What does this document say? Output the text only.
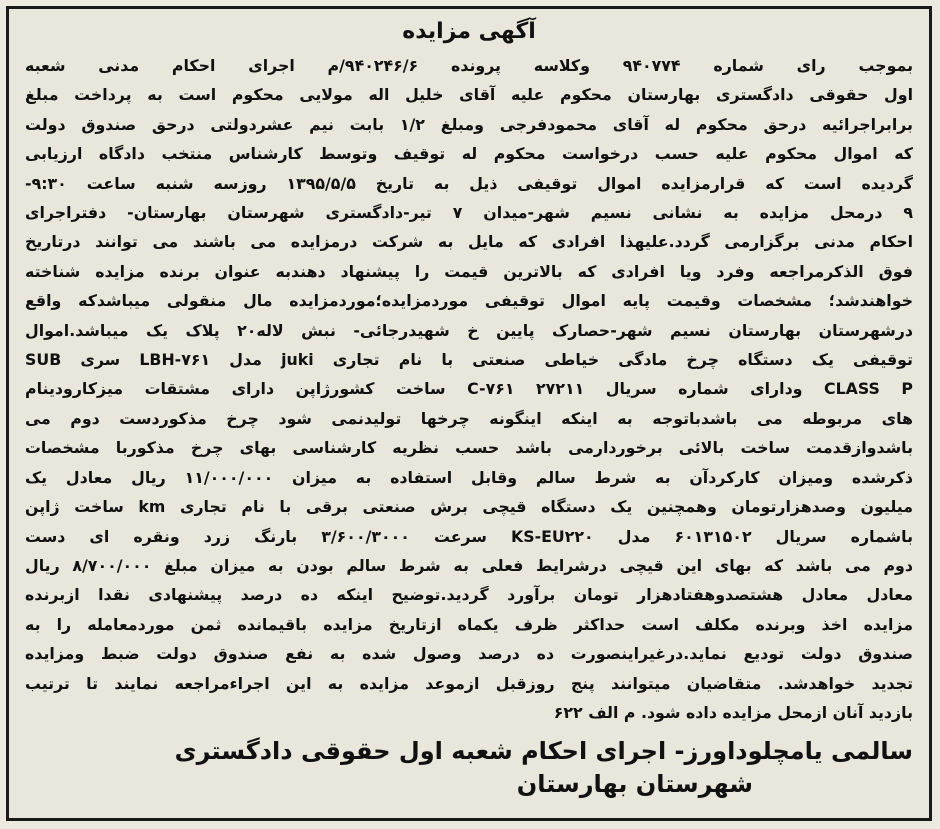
آگهی مزایده
بموجب رای شماره ۹۴۰۷۷۴ وکلاسه پرونده ۹۴۰۲۴۶/۶/م اجرای احکام مدنی شعبه
اول حقوقی دادگستری بهارستان محکوم علیه آقای خلیل اله مولایی محکوم است به پرداخت مبلغ
برابراجرائیه درحق محکوم له آقای محمودفرجی ومبلغ ۱/۲ بابت نیم عشردولتی درحق صندوق دولت
که اموال محکوم علیه حسب درخواست محکوم له توقیف وتوسط کارشناس منتخب دادگاه ارزیابی
گردیده است که قرارمزایده اموال توقیفی ذیل به تاریخ ۱۳۹۵/۵/۵ روزسه شنبه ساعت ۹:۳۰-
۹ درمحل مزایده به نشانی نسیم شهر-میدان ۷ تیر-دادگستری شهرستان بهارستان- دفتراجرای
احکام مدنی برگزارمی گردد.علیهذا افرادی که مایل به شرکت درمزایده می باشند می توانند درتاریخ
فوق الذکرمراجعه وفرد ویا افرادی که بالاترین قیمت را پیشنهاد دهندبه عنوان برنده مزایده شناخته
خواهندشد؛ مشخصات وقیمت پایه اموال توقیفی موردمزایده؛موردمزایده مال منقولی میباشدکه واقع
درشهرستان بهارستان نسیم شهر-حصارک پایین خ شهیدرجائی- نبش لاله۲۰ پلاک یک میباشد.اموال
توقیفی یک دستگاه چرخ مادگی خیاطی صنعتی با نام تجاری juki مدل LBH-۷۶۱ سری SUB
CLASS P ودارای شماره سریال ۲۷۲۱۱ C-۷۶۱ ساخت کشورژاپن دارای مشتقات میزکارودینام
های مربوطه می باشدباتوجه به اینکه اینگونه چرخها تولیدنمی شود چرخ مذکوردست دوم می
باشدوازقدمت ساخت بالائی برخوردارمی باشد حسب نظریه کارشناسی بهای چرخ مذکوربا مشخصات
ذکرشده ومیزان کارکردآن به شرط سالم وقابل استفاده به میزان ۱۱/۰۰۰/۰۰۰ ریال معادل یک
میلیون وصدهزارتومان وهمچنین یک دستگاه قیچی برش صنعتی برقی با نام تجاری km ساخت ژاپن
باشماره سریال ۶۰۱۳۱۵۰۲ مدل KS-EU۲۲۰ سرعت ۳/۶۰۰/۳۰۰۰ بارنگ زرد ونقره ای دست
دوم می باشد که بهای این قیچی درشرایط فعلی به شرط سالم بودن به میزان مبلغ ۸/۷۰۰/۰۰۰ ریال
معادل معادل هشتصدوهفتادهزار تومان برآورد گردید.توضیح اینکه ده درصد پیشنهادی نقدا ازبرنده
مزایده اخذ وبرنده مکلف است حداکثر ظرف یکماه ازتاریخ مزایده باقیمانده ثمن موردمعامله را به
صندوق دولت تودیع نماید.درغیراینصورت ده درصد وصول شده به نفع صندوق دولت ضبط ومزایده
تجدید خواهدشد. متقاضیان میتوانند پنج روزقبل ازموعد مزایده به این اجراءمراجعه نمایند تا ترتیب
بازدید آنان ازمحل مزایده داده شود. م الف ۶۲۲
سالمی یامچلوداورز- اجرای احکام شعبه اول حقوقی دادگستری
شهرستان بهارستان
